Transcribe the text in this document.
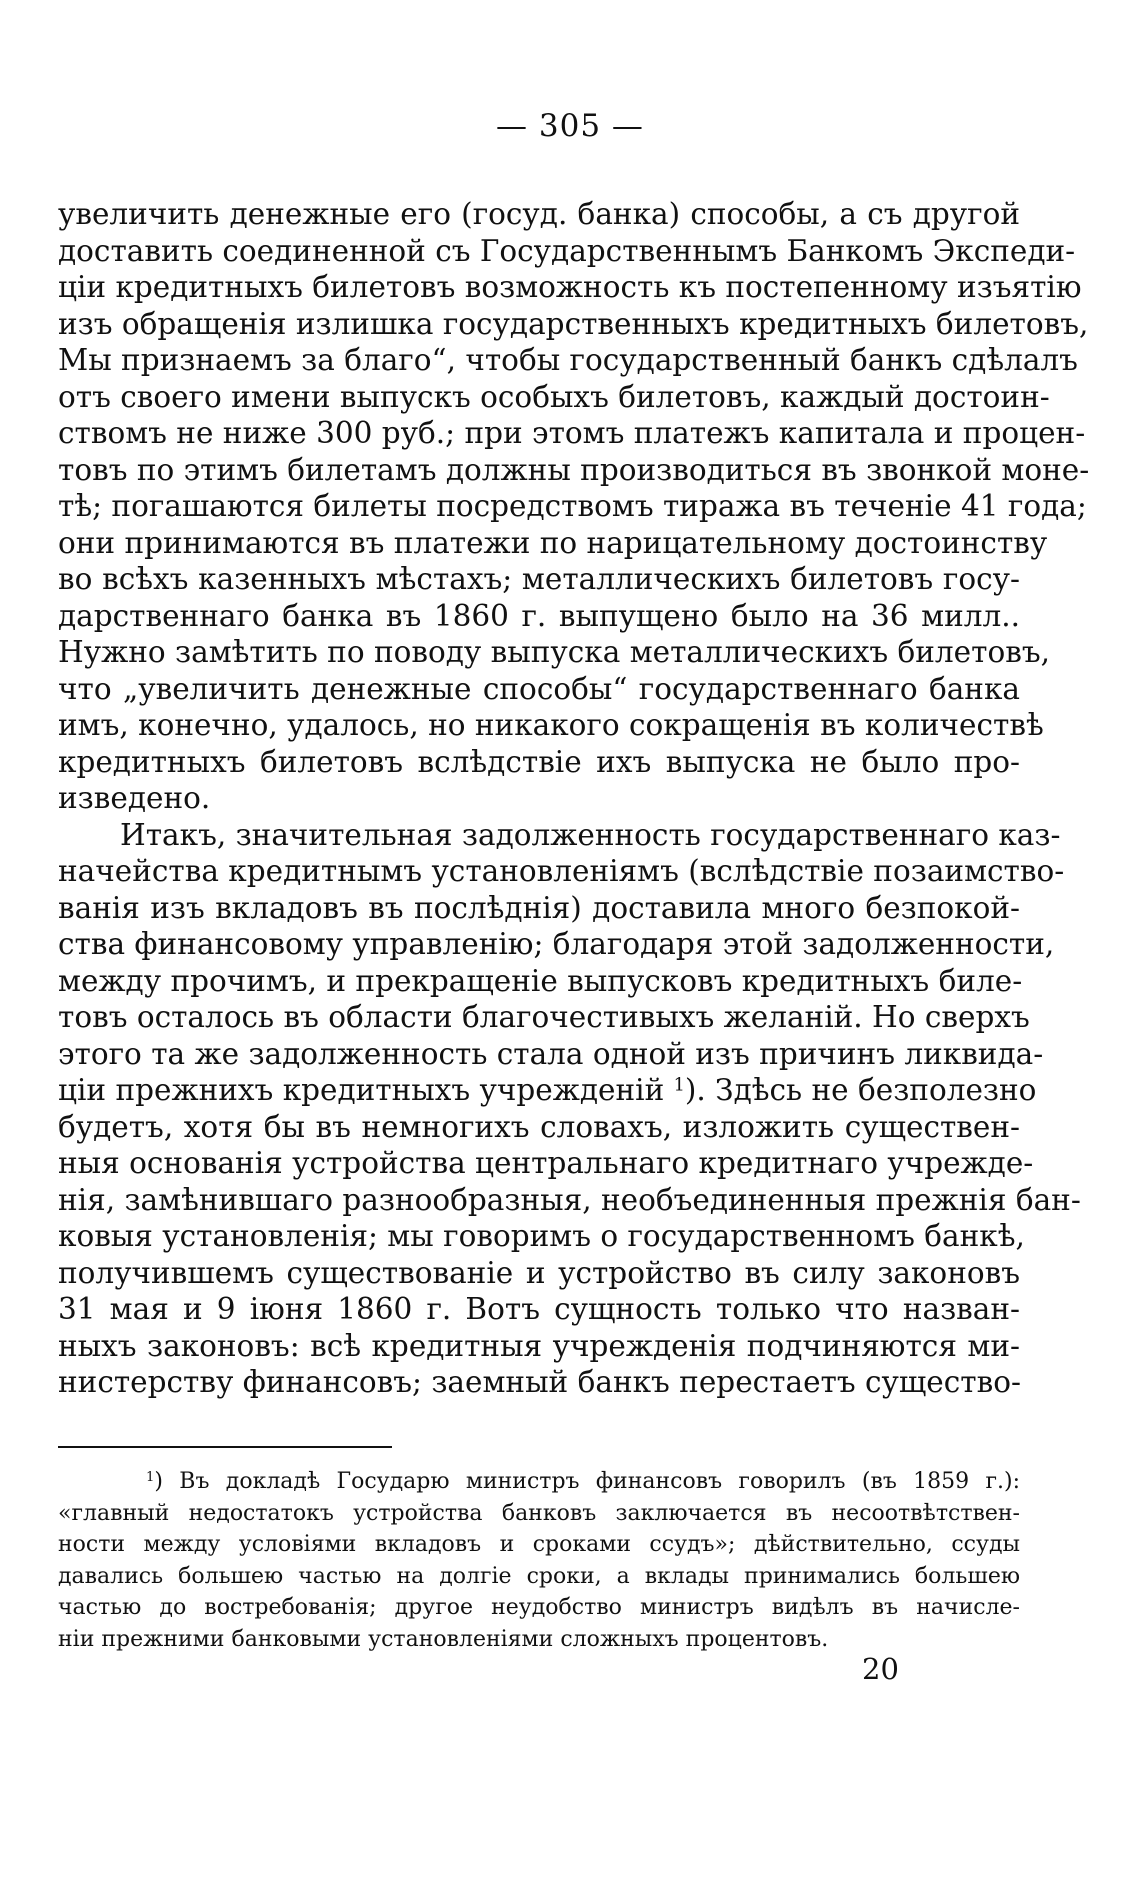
— 305 —
увеличить денежные его (госуд. банка) способы, а съ другой
доставить соединенной съ Государственнымъ Банкомъ Экспеди-
ціи кредитныхъ билетовъ возможность къ постепенному изъятію
изъ обращенія излишка государственныхъ кредитныхъ билетовъ,
Мы признаемъ за благо“, чтобы государственный банкъ сдѣлалъ
отъ своего имени выпускъ особыхъ билетовъ, каждый достоин-
ствомъ не ниже 300 руб.; при этомъ платежъ капитала и процен-
товъ по этимъ билетамъ должны производиться въ звонкой моне-
тѣ; погашаются билеты посредствомъ тиража въ теченіе 41 года;
они принимаются въ платежи по нарицательному достоинству
во всѣхъ казенныхъ мѣстахъ; металлическихъ билетовъ госу-
дарственнаго банка въ 1860 г. выпущено было на 36 милл..
Нужно замѣтить по поводу выпуска металлическихъ билетовъ,
что „увеличить денежные способы“ государственнаго банка
имъ, конечно, удалось, но никакого сокращенія въ количествѣ
кредитныхъ билетовъ вслѣдствіе ихъ выпуска не было про-
изведено.
Итакъ, значительная задолженность государственнаго каз-
начейства кредитнымъ установленіямъ (вслѣдствіе позаимство-
ванія изъ вкладовъ въ послѣднія) доставила много безпокой-
ства финансовому управленію; благодаря этой задолженности,
между прочимъ, и прекращеніе выпусковъ кредитныхъ биле-
товъ осталось въ области благочестивыхъ желаній. Но сверхъ
этого та же задолженность стала одной изъ причинъ ликвида-
ціи прежнихъ кредитныхъ учрежденій $^1$). Здѣсь не безполезно
будетъ, хотя бы въ немногихъ словахъ, изложить существен-
ныя основанія устройства центральнаго кредитнаго учрежде-
нія, замѣнившаго разнообразныя, необъединенныя прежнія бан-
ковыя установленія; мы говоримъ о государственномъ банкѣ,
получившемъ существованіе и устройство въ силу законовъ
31 мая и 9 іюня 1860 г. Вотъ сущность только что назван-
ныхъ законовъ: всѣ кредитныя учрежденія подчиняются ми-
нистерству финансовъ; заемный банкъ перестаетъ существо-
$^1$) Въ докладѣ Государю министръ финансовъ говорилъ (въ 1859 г.):
«главный недостатокъ устройства банковъ заключается въ несоотвѣтствен-
ности между условіями вкладовъ и сроками ссудъ»; дѣйствительно, ссуды
давались большею частью на долгіе сроки, а вклады принимались большею
частью до востребованія; другое неудобство министръ видѣлъ въ начисле-
ніи прежними банковыми установленіями сложныхъ процентовъ.
20
